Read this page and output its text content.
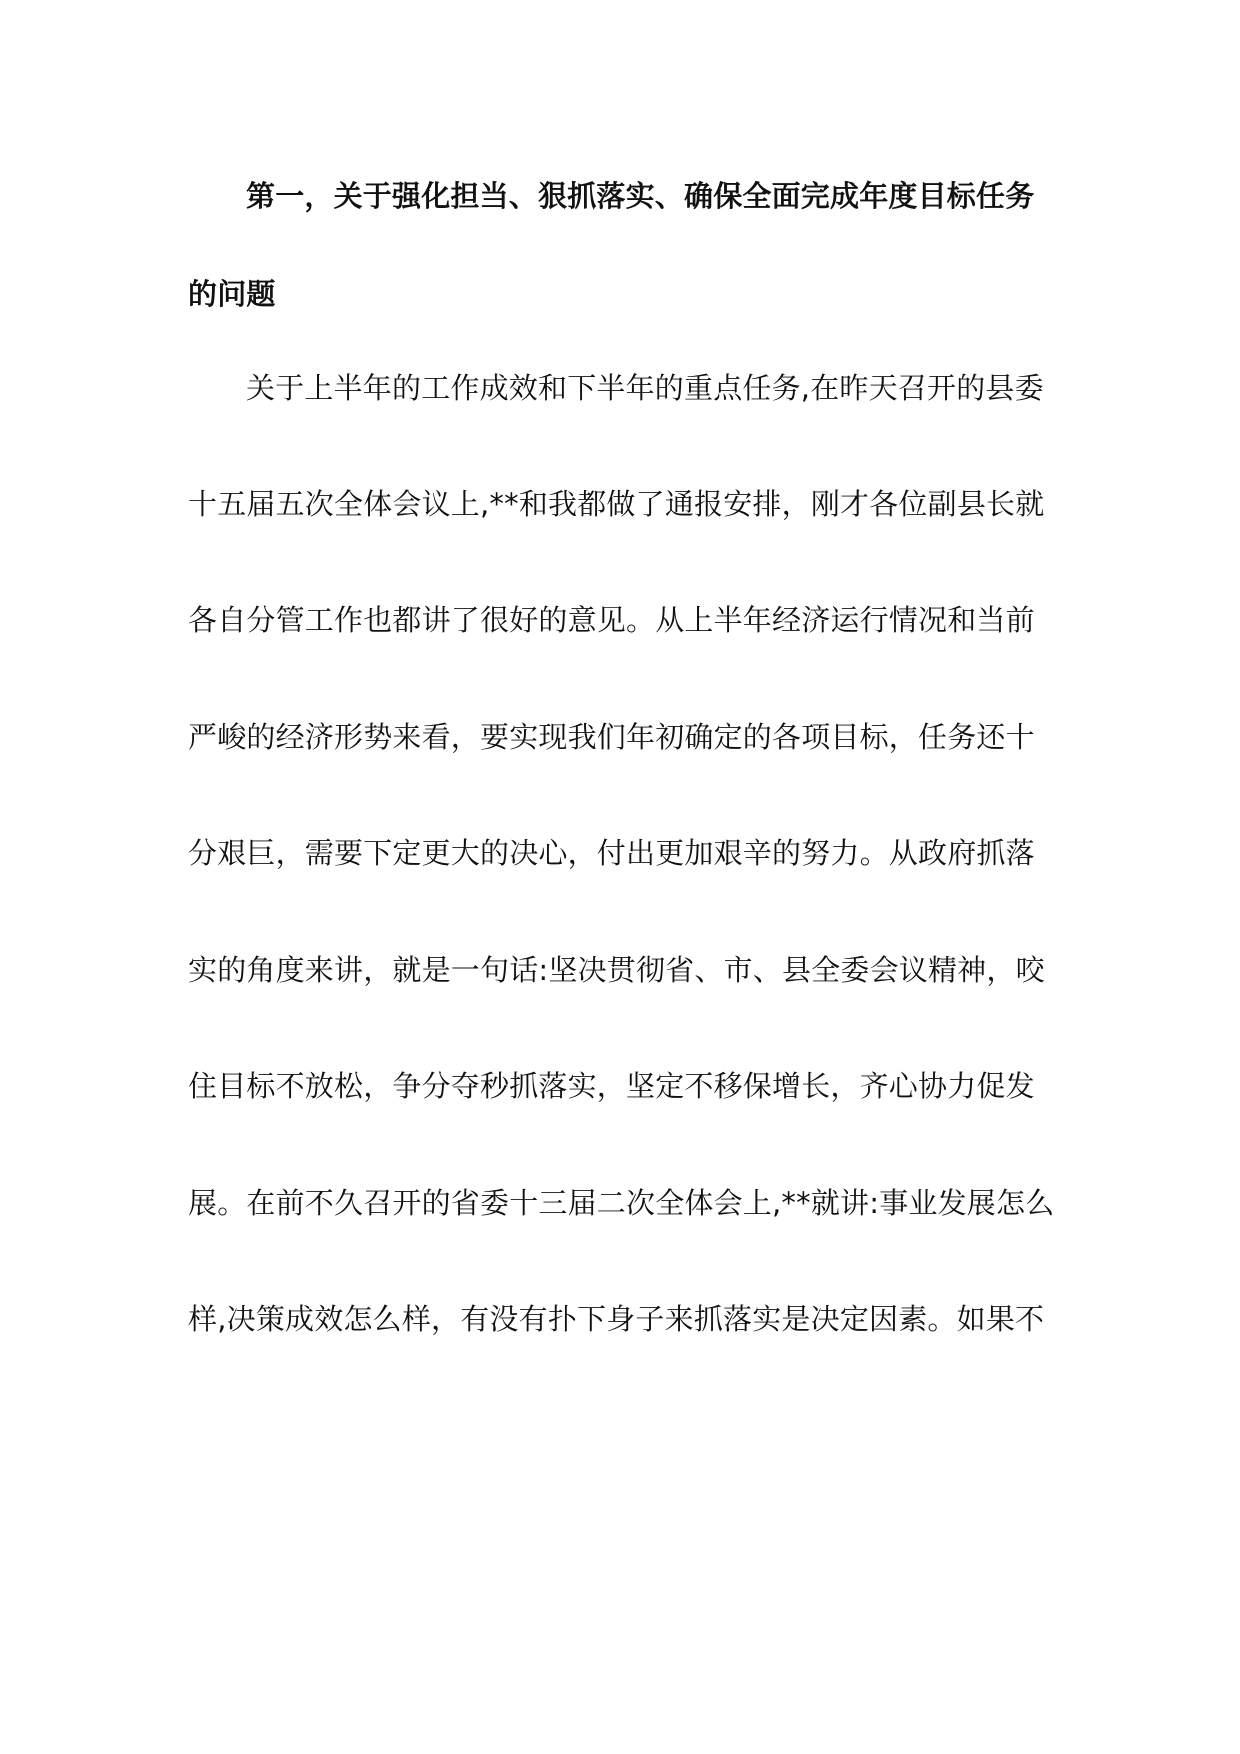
第一，关于强化担当、狠抓落实、确保全面完成年度目标任务
的问题
关于上半年的工作成效和下半年的重点任务,在昨天召开的县委
十五届五次全体会议上,**和我都做了通报安排，刚才各位副县长就
各自分管工作也都讲了很好的意见。从上半年经济运行情况和当前
严峻的经济形势来看，要实现我们年初确定的各项目标，任务还十
分艰巨，需要下定更大的决心，付出更加艰辛的努力。从政府抓落
实的角度来讲，就是一句话:坚决贯彻省、市、县全委会议精神，咬
住目标不放松，争分夺秒抓落实，坚定不移保增长，齐心协力促发
展。在前不久召开的省委十三届二次全体会上,**就讲:事业发展怎么
样,决策成效怎么样，有没有扑下身子来抓落实是决定因素。如果不
